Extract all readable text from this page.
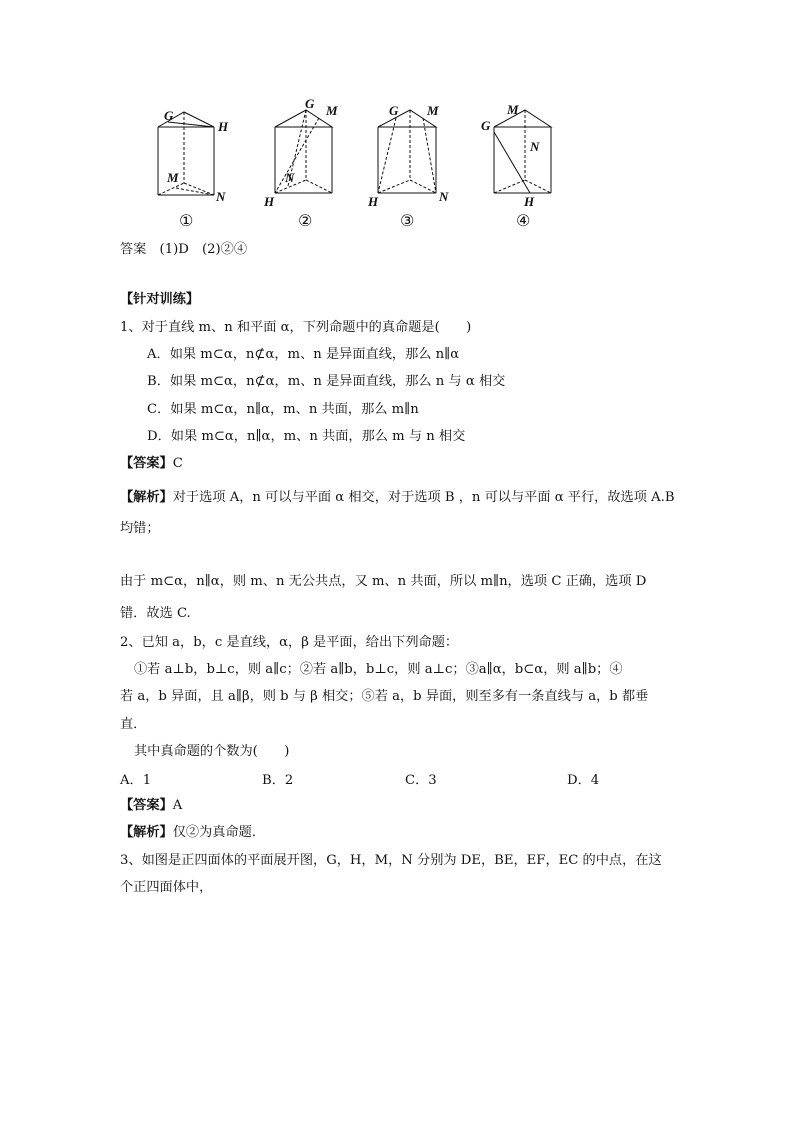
G
H
M
N
G M
N
H
G M
H	N
M
G
N
H
①	②	③	④
答案　(1)D　(2)②④
【针对训练】
1、对于直线 m、n 和平面 α，下列命题中的真命题是(　　)
A．如果 m⊂α，n⊄α，m、n 是异面直线，那么 n∥α
B．如果 m⊂α，n⊄α，m、n 是异面直线，那么 n 与 α 相交
C．如果 m⊂α，n∥α，m、n 共面，那么 m∥n
D．如果 m⊂α，n∥α，m、n 共面，那么 m 与 n 相交
【答案】C
【解析】对于选项 A，n 可以与平面 α 相交，对于选项 B ，n 可以与平面 α 平行，故选项 A.B
均错；
由于 m⊂α，n∥α，则 m、n 无公共点，又 m、n 共面，所以 m∥n，选项 C 正确，选项 D
错．故选 C.
2、已知 a，b，c 是直线，α，β 是平面，给出下列命题：
①若 a⊥b，b⊥c，则 a∥c；②若 a∥b，b⊥c，则 a⊥c；③a∥α，b⊂α，则 a∥b；④
若 a，b 异面，且 a∥β，则 b 与 β 相交；⑤若 a，b 异面，则至多有一条直线与 a，b 都垂
直．
其中真命题的个数为(　　)
A．1	B．2	C．3	D．4
【答案】A
【解析】仅②为真命题．
3、如图是正四面体的平面展开图，G，H，M，N 分别为 DE，BE，EF，EC 的中点，在这
个正四面体中，
